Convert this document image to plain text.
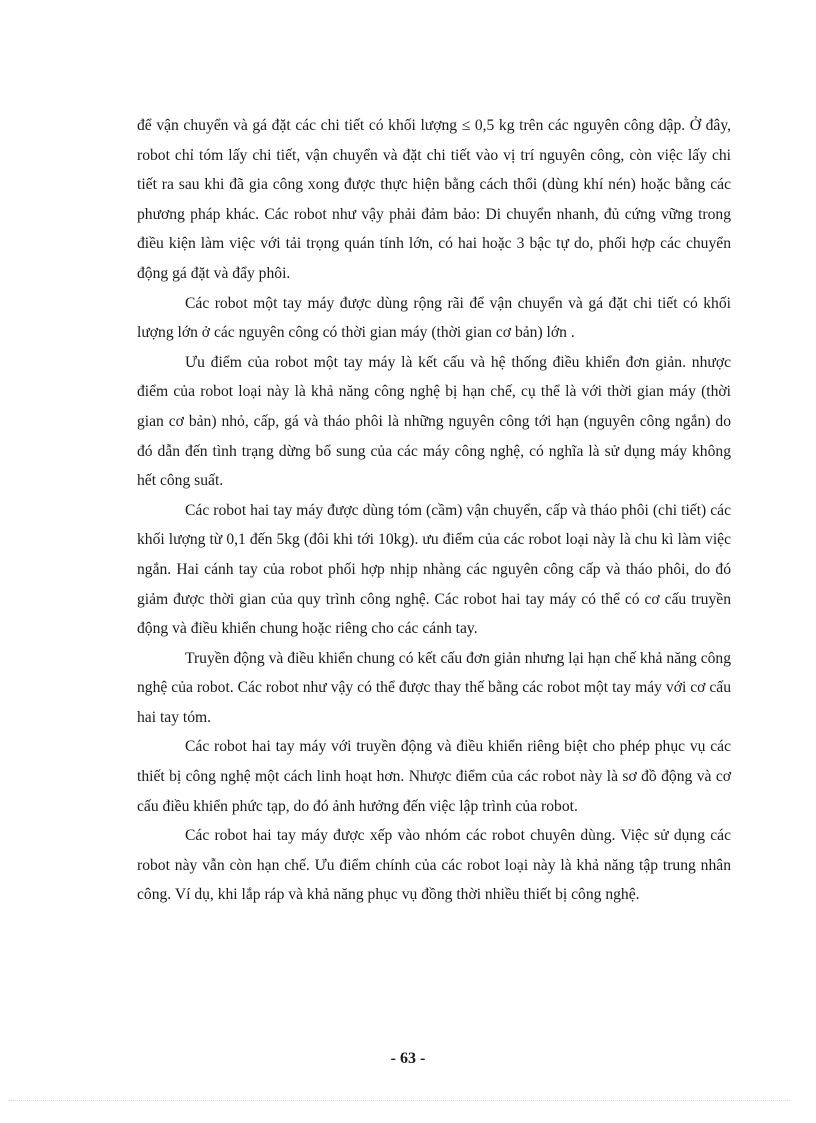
để vận chuyển và gá đặt các chi tiết có khối lượng ≤ 0,5 kg trên các nguyên công dập. Ở đây, robot chỉ tóm lấy chi tiết, vận chuyển và đặt chi tiết vào vị trí nguyên công, còn việc lấy chi tiết ra sau khi đã gia công xong được thực hiện bằng cách thổi (dùng khí nén) hoặc bằng các phương pháp khác. Các robot như vậy phải đảm bảo: Di chuyển nhanh, đủ cứng vững trong điều kiện làm việc với tải trọng quán tính lớn, có hai hoặc 3 bậc tự do, phối hợp các chuyển động gá đặt và đẩy phôi.

Các robot một tay máy được dùng rộng rãi để vận chuyển và gá đặt chi tiết có khối lượng lớn ở các nguyên công có thời gian máy (thời gian cơ bản) lớn .

Ưu điểm của robot một tay máy là kết cấu và hệ thống điều khiển đơn giản. nhược điểm của robot loại này là khả năng công nghệ bị hạn chế, cụ thể là với thời gian máy (thời gian cơ bản) nhỏ, cấp, gá và tháo phôi là những nguyên công tới hạn (nguyên công ngắn) do đó dẫn đến tình trạng dừng bổ sung của các máy công nghệ, có nghĩa là sử dụng máy không hết công suất.

Các robot hai tay máy được dùng tóm (cầm) vận chuyển, cấp và tháo phôi (chi tiết) các khối lượng từ 0,1 đến 5kg (đôi khi tới 10kg). ưu điểm của các robot loại này là chu kì làm việc ngắn. Hai cánh tay của robot phối hợp nhịp nhàng các nguyên công cấp và tháo phôi, do đó giảm được thời gian của quy trình công nghệ. Các robot hai tay máy có thể có cơ cấu truyền động và điều khiển chung hoặc riêng cho các cánh tay.

Truyền động và điều khiển chung có kết cấu đơn giản nhưng lại hạn chế khả năng công nghệ của robot. Các robot như vậy có thể được thay thế bằng các robot một tay máy với cơ cấu hai tay tóm.

Các robot hai tay máy với truyền động và điều khiển riêng biệt cho phép phục vụ các thiết bị công nghệ một cách linh hoạt hơn. Nhược điểm của các robot này là sơ đồ động và cơ cấu điều khiển phức tạp, do đó ảnh hưởng đến việc lập trình của robot.

Các robot hai tay máy được xếp vào nhóm các robot chuyên dùng. Việc sử dụng các robot này vẫn còn hạn chế. Ưu điểm chính của các robot loại này là khả năng tập trung nhân công. Ví dụ, khi lắp ráp và khả năng phục vụ đồng thời nhiều thiết bị công nghệ.

- 63 -
